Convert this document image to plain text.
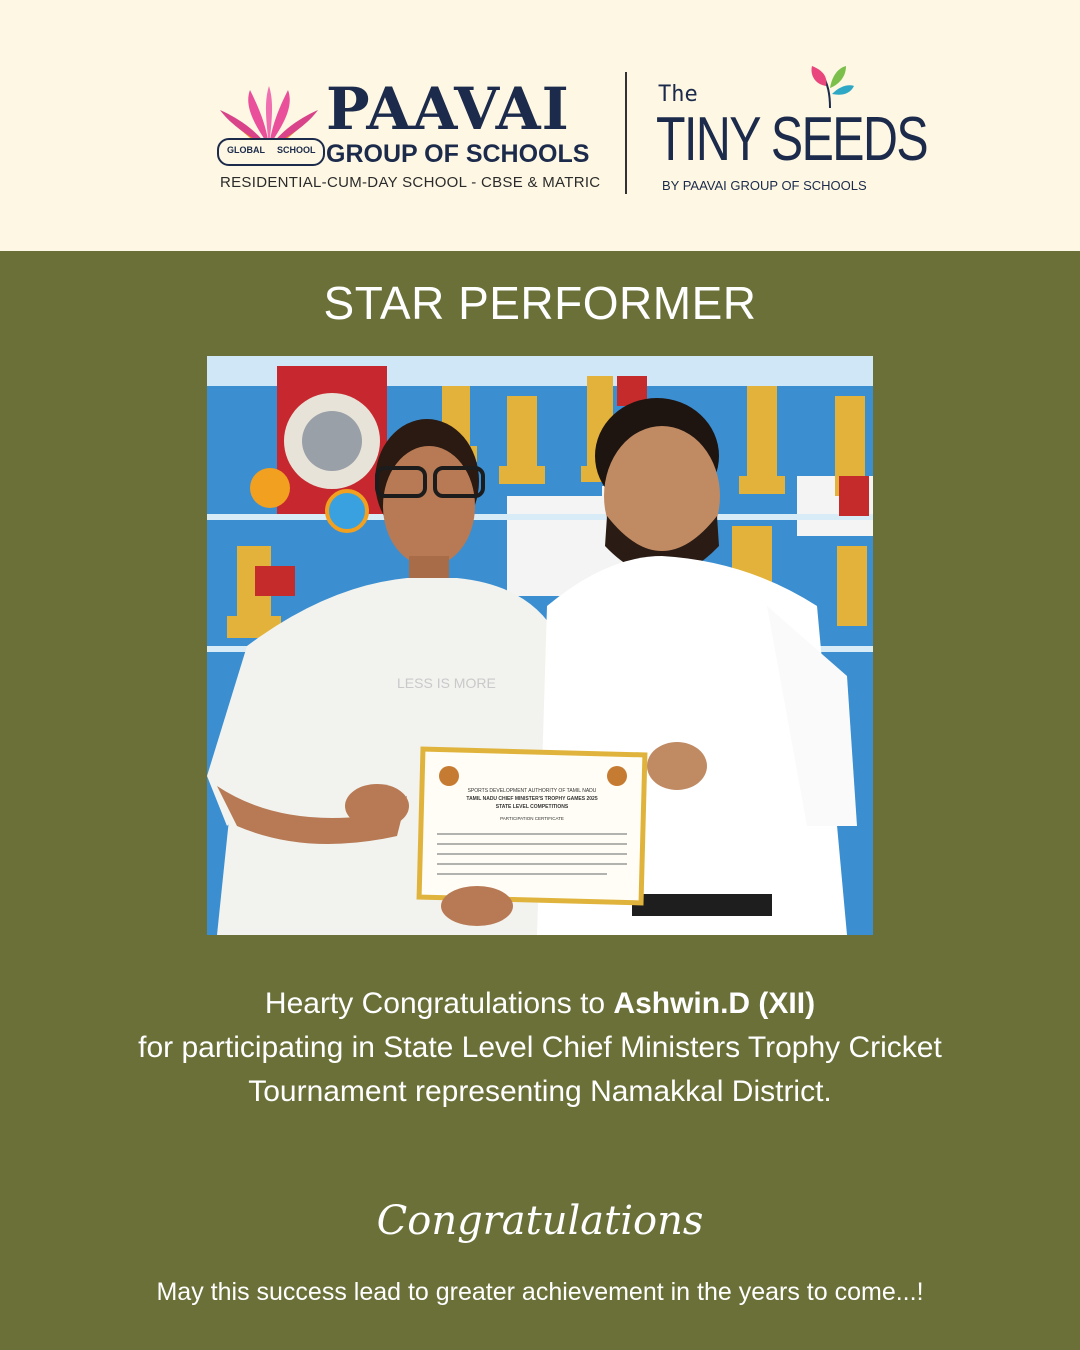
GLOBAL SCHOOL
PAAVAI
GROUP OF SCHOOLS
RESIDENTIAL-CUM-DAY SCHOOL - CBSE & MATRIC
The
TINY SEEDS
BY PAAVAI GROUP OF SCHOOLS
STAR PERFORMER
SPORTS DEVELOPMENT AUTHORITY OF TAMIL NADU
TAMIL NADU CHIEF MINISTER'S TROPHY GAMES 2025
STATE LEVEL COMPETITIONS
PARTICIPATION CERTIFICATE
LESS IS MORE
Hearty Congratulations to Ashwin.D (XII)
for participating in State Level Chief Ministers Trophy Cricket
Tournament representing Namakkal District.
Congratulations
May this success lead to greater achievement in the years to come...!
